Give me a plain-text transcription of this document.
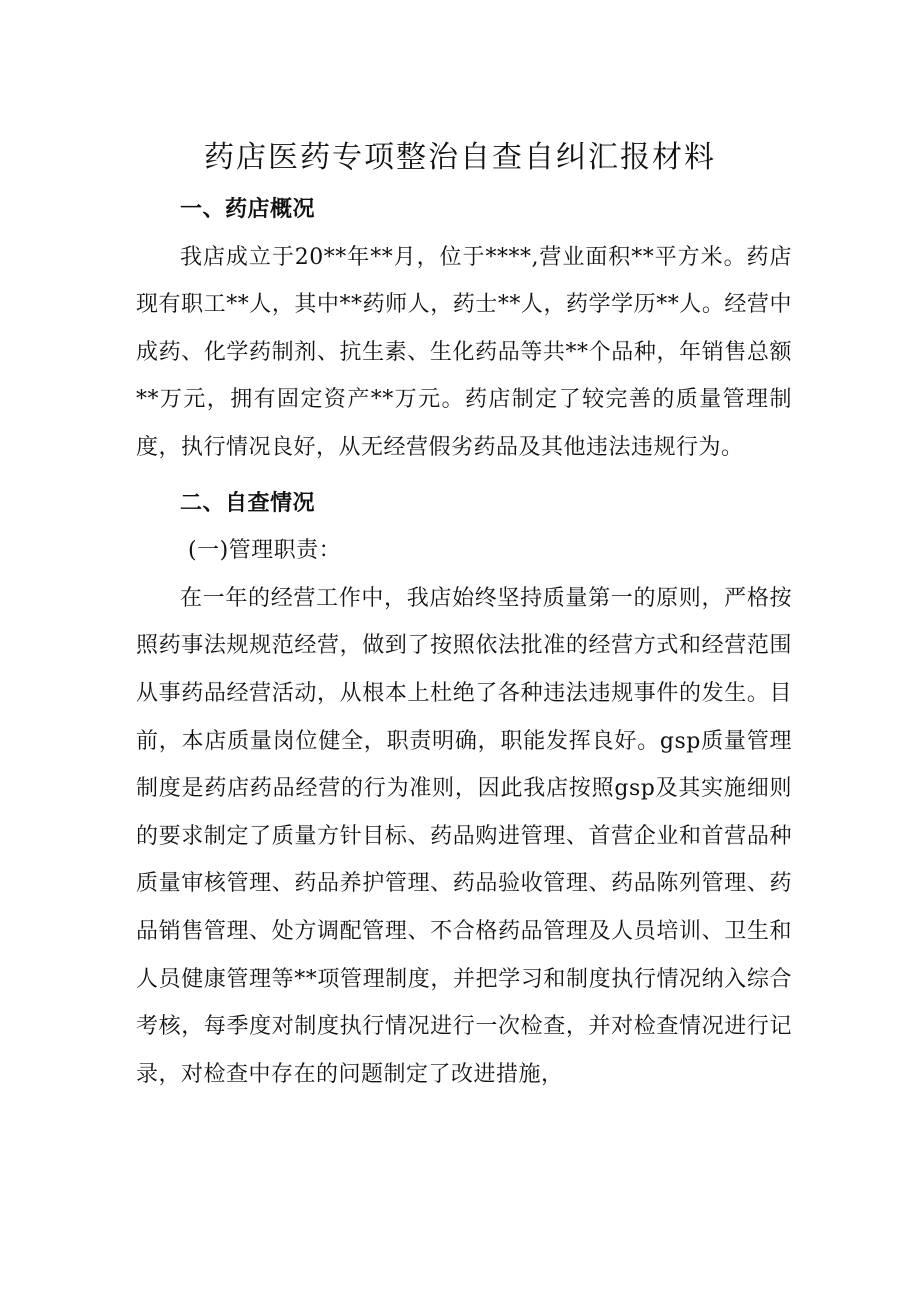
药店医药专项整治自查自纠汇报材料

一、药店概况

我店成立于20**年**月，位于****,营业面积**平方米。药店现有职工**人，其中**药师人，药士**人，药学学历**人。经营中成药、化学药制剂、抗生素、生化药品等共**个品种，年销售总额**万元，拥有固定资产**万元。药店制定了较完善的质量管理制度，执行情况良好，从无经营假劣药品及其他违法违规行为。

二、自查情况

(一)管理职责：

在一年的经营工作中，我店始终坚持质量第一的原则，严格按照药事法规规范经营，做到了按照依法批准的经营方式和经营范围从事药品经营活动，从根本上杜绝了各种违法违规事件的发生。目前，本店质量岗位健全，职责明确，职能发挥良好。gsp质量管理制度是药店药品经营的行为准则，因此我店按照gsp及其实施细则的要求制定了质量方针目标、药品购进管理、首营企业和首营品种质量审核管理、药品养护管理、药品验收管理、药品陈列管理、药品销售管理、处方调配管理、不合格药品管理及人员培训、卫生和人员健康管理等**项管理制度，并把学习和制度执行情况纳入综合考核，每季度对制度执行情况进行一次检查，并对检查情况进行记录，对检查中存在的问题制定了改进措施，
